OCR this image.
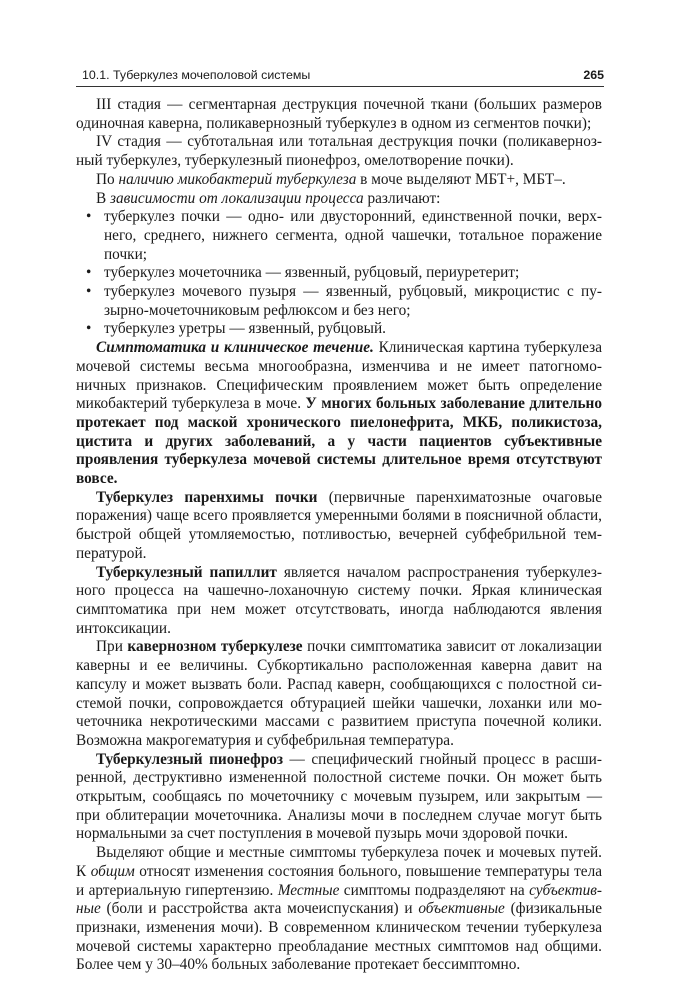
10.1. Туберкулез мочеполовой системы	265

III стадия — сегментарная деструкция почечной ткани (больших размеров одиночная каверна, поликавернозный туберкулез в одном из сегментов почки);

IV стадия — субтотальная или тотальная деструкция почки (поликавернозный туберкулез, туберкулезный пионефроз, омелотворение почки).

По наличию микобактерий туберкулеза в моче выделяют МБТ+, МБТ–.

В зависимости от локализации процесса различают:

• туберкулез почки — одно- или двусторонний, единственной почки, верхнего, среднего, нижнего сегмента, одной чашечки, тотальное поражение почки;
• туберкулез мочеточника — язвенный, рубцовый, периуретерит;
• туберкулез мочевого пузыря — язвенный, рубцовый, микроцистис с пузырно-мочеточниковым рефлюксом и без него;
• туберкулез уретры — язвенный, рубцовый.

Симптоматика и клиническое течение. Клиническая картина туберкулеза мочевой системы весьма многообразна, изменчива и не имеет патогномоничных признаков. Специфическим проявлением может быть определение микобактерий туберкулеза в моче. У многих больных заболевание длительно протекает под маской хронического пиелонефрита, МКБ, поликистоза, цистита и других заболеваний, а у части пациентов субъективные проявления туберкулеза мочевой системы длительное время отсутствуют вовсе.

Туберкулез паренхимы почки (первичные паренхиматозные очаговые поражения) чаще всего проявляется умеренными болями в поясничной области, быстрой общей утомляемостью, потливостью, вечерней субфебрильной температурой.

Туберкулезный папиллит является началом распространения туберкулезного процесса на чашечно-лоханочную систему почки. Яркая клиническая симптоматика при нем может отсутствовать, иногда наблюдаются явления интоксикации.

При кавернозном туберкулезе почки симптоматика зависит от локализации каверны и ее величины. Субкортикально расположенная каверна давит на капсулу и может вызвать боли. Распад каверн, сообщающихся с полостной системой почки, сопровождается обтурацией шейки чашечки, лоханки или мочеточника некротическими массами с развитием приступа почечной колики. Возможна макрогематурия и субфебрильная температура.

Туберкулезный пионефроз — специфический гнойный процесс в расширенной, деструктивно измененной полостной системе почки. Он может быть открытым, сообщаясь по мочеточнику с мочевым пузырем, или закрытым — при облитерации мочеточника. Анализы мочи в последнем случае могут быть нормальными за счет поступления в мочевой пузырь мочи здоровой почки.

Выделяют общие и местные симптомы туберкулеза почек и мочевых путей. К общим относят изменения состояния больного, повышение температуры тела и артериальную гипертензию. Местные симптомы подразделяют на субъективные (боли и расстройства акта мочеиспускания) и объективные (физикальные признаки, изменения мочи). В современном клиническом течении туберкулеза мочевой системы характерно преобладание местных симптомов над общими. Более чем у 30–40% больных заболевание протекает бессимптомно.
